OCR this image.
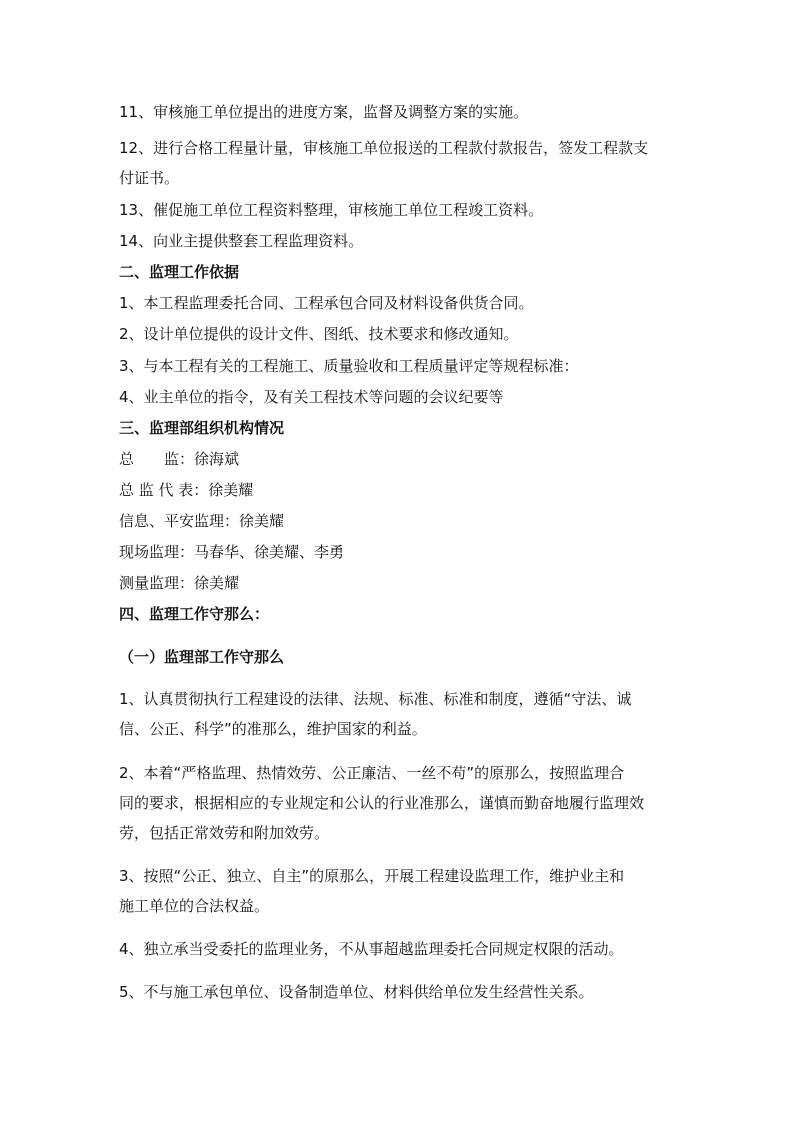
11、审核施工单位提出的进度方案，监督及调整方案的实施。
12、进行合格工程量计量，审核施工单位报送的工程款付款报告，签发工程款支
付证书。
13、催促施工单位工程资料整理，审核施工单位工程竣工资料。
14、向业主提供整套工程监理资料。
二、监理工作依据
1、本工程监理委托合同、工程承包合同及材料设备供货合同。
2、设计单位提供的设计文件、图纸、技术要求和修改通知。
3、与本工程有关的工程施工、质量验收和工程质量评定等规程标准：
4、业主单位的指令，及有关工程技术等问题的会议纪要等
三、监理部组织机构情况
总　　监：徐海斌
总 监 代 表：徐美耀
信息、平安监理：徐美耀
现场监理：马春华、徐美耀、李勇
测量监理：徐美耀
四、监理工作守那么：
（一）监理部工作守那么
1、认真贯彻执行工程建设的法律、法规、标准、标准和制度，遵循“守法、诚
信、公正、科学”的准那么，维护国家的利益。
2、本着“严格监理、热情效劳、公正廉洁、一丝不苟”的原那么，按照监理合
同的要求，根据相应的专业规定和公认的行业准那么，谨慎而勤奋地履行监理效
劳，包括正常效劳和附加效劳。
3、按照“公正、独立、自主”的原那么，开展工程建设监理工作，维护业主和
施工单位的合法权益。
4、独立承当受委托的监理业务，不从事超越监理委托合同规定权限的活动。
5、不与施工承包单位、设备制造单位、材料供给单位发生经营性关系。
